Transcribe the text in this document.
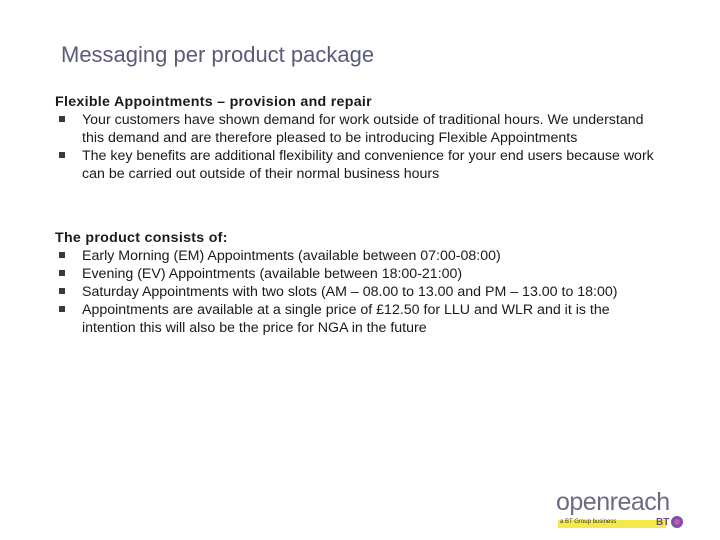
Messaging per product package
Flexible Appointments – provision and repair
Your customers have shown demand for work outside of traditional hours. We understand this demand and are therefore pleased to be introducing Flexible Appointments
The key benefits are additional flexibility and convenience for your end users because work can be carried out outside of their normal business hours
The product consists of:
Early Morning (EM) Appointments (available between 07:00-08:00)
Evening (EV) Appointments (available between 18:00-21:00)
Saturday Appointments with two slots (AM – 08.00 to 13.00 and PM – 13.00 to 18:00)
Appointments are available at a single price of £12.50 for LLU and WLR and it is the intention this will also be the price for NGA in the future
openreach
a BT Group business	BT
